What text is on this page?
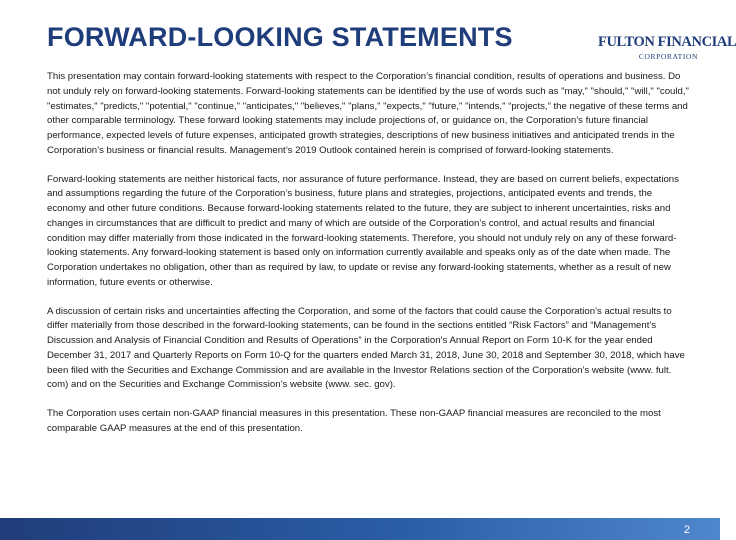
FORWARD-LOOKING STATEMENTS	FULTON FINANCIAL
CORPORATION

This presentation may contain forward-looking statements with respect to the Corporation’s financial condition, results of operations and business. Do not unduly rely on forward-looking statements. Forward-looking statements can be identified by the use of words such as "may," "should," "will," "could," "estimates," "predicts," "potential," "continue," "anticipates," "believes," "plans," "expects," "future," "intends," “projects,” the negative of these terms and other comparable terminology. These forward looking statements may include projections of, or guidance on, the Corporation’s future financial performance, expected levels of future expenses, anticipated growth strategies, descriptions of new business initiatives and anticipated trends in the Corporation’s business or financial results. Management’s 2019 Outlook contained herein is comprised of forward-looking statements.

Forward-looking statements are neither historical facts, nor assurance of future performance. Instead, they are based on current beliefs, expectations and assumptions regarding the future of the Corporation’s business, future plans and strategies, projections, anticipated events and trends, the economy and other future conditions. Because forward-looking statements related to the future, they are subject to inherent uncertainties, risks and changes in circumstances that are difficult to predict and many of which are outside of the Corporation’s control, and actual results and financial condition may differ materially from those indicated in the forward-looking statements. Therefore, you should not unduly rely on any of these forward-looking statements. Any forward-looking statement is based only on information currently available and speaks only as of the date when made. The Corporation undertakes no obligation, other than as required by law, to update or revise any forward-looking statements, whether as a result of new information, future events or otherwise.

A discussion of certain risks and uncertainties affecting the Corporation, and some of the factors that could cause the Corporation’s actual results to differ materially from those described in the forward-looking statements, can be found in the sections entitled “Risk Factors” and “Management’s Discussion and Analysis of Financial Condition and Results of Operations” in the Corporation’s Annual Report on Form 10-K for the year ended December 31, 2017 and Quarterly Reports on Form 10-Q for the quarters ended March 31, 2018, June 30, 2018 and September 30, 2018, which have been filed with the Securities and Exchange Commission and are available in the Investor Relations section of the Corporation’s website (www. fult. com) and on the Securities and Exchange Commission’s website (www. sec. gov).

The Corporation uses certain non-GAAP financial measures in this presentation. These non-GAAP financial measures are reconciled to the most comparable GAAP measures at the end of this presentation.

2
